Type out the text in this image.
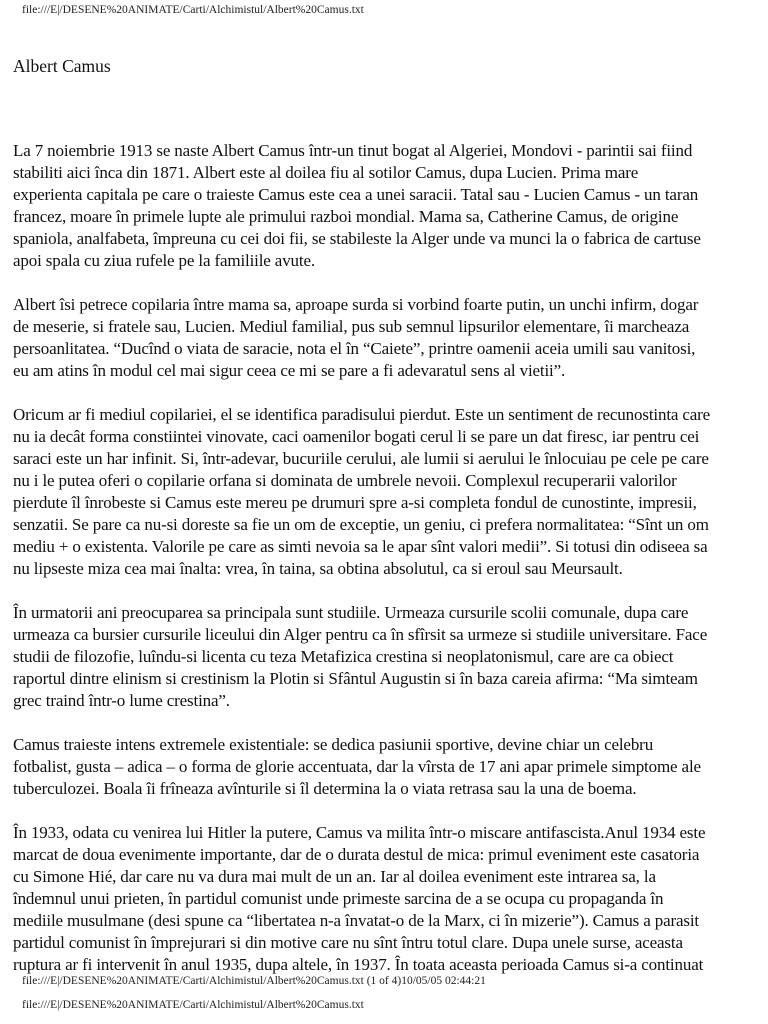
file:///E|/DESENE%20ANIMATE/Carti/Alchimistul/Albert%20Camus.txt
Albert Camus

La 7 noiembrie 1913 se naste Albert Camus într-un tinut bogat al Algeriei, Mondovi - parintii sai fiind
stabiliti aici înca din 1871. Albert este al doilea fiu al sotilor Camus, dupa Lucien. Prima mare
experienta capitala pe care o traieste Camus este cea a unei saracii. Tatal sau - Lucien Camus - un taran
francez, moare în primele lupte ale primului razboi mondial. Mama sa, Catherine Camus, de origine
spaniola, analfabeta, împreuna cu cei doi fii, se stabileste la Alger unde va munci la o fabrica de cartuse
apoi spala cu ziua rufele pe la familiile avute.

Albert îsi petrece copilaria între mama sa, aproape surda si vorbind foarte putin, un unchi infirm, dogar
de meserie, si fratele sau, Lucien. Mediul familial, pus sub semnul lipsurilor elementare, îi marcheaza
persoanlitatea. “Ducînd o viata de saracie, nota el în “Caiete”, printre oamenii aceia umili sau vanitosi,
eu am atins în modul cel mai sigur ceea ce mi se pare a fi adevaratul sens al vietii”.

Oricum ar fi mediul copilariei, el se identifica paradisului pierdut. Este un sentiment de recunostinta care
nu ia decât forma constiintei vinovate, caci oamenilor bogati cerul li se pare un dat firesc, iar pentru cei
saraci este un har infinit. Si, într-adevar, bucuriile cerului, ale lumii si aerului le înlocuiau pe cele pe care
nu i le putea oferi o copilarie orfana si dominata de umbrele nevoii. Complexul recuperarii valorilor
pierdute îl înrobeste si Camus este mereu pe drumuri spre a-si completa fondul de cunostinte, impresii,
senzatii. Se pare ca nu-si doreste sa fie un om de exceptie, un geniu, ci prefera normalitatea: “Sînt un om
mediu + o existenta. Valorile pe care as simti nevoia sa le apar sînt valori medii”. Si totusi din odiseea sa
nu lipseste miza cea mai înalta: vrea, în taina, sa obtina absolutul, ca si eroul sau Meursault.

În urmatorii ani preocuparea sa principala sunt studiile. Urmeaza cursurile scolii comunale, dupa care
urmeaza ca bursier cursurile liceului din Alger pentru ca în sfîrsit sa urmeze si studiile universitare. Face
studii de filozofie, luîndu-si licenta cu teza Metafizica crestina si neoplatonismul, care are ca obiect
raportul dintre elinism si crestinism la Plotin si Sfântul Augustin si în baza careia afirma: “Ma simteam
grec traind într-o lume crestina”.

Camus traieste intens extremele existentiale: se dedica pasiunii sportive, devine chiar un celebru
fotbalist, gusta – adica – o forma de glorie accentuata, dar la vîrsta de 17 ani apar primele simptome ale
tuberculozei. Boala îi frîneaza avînturile si îl determina la o viata retrasa sau la una de boema.

În 1933, odata cu venirea lui Hitler la putere, Camus va milita într-o miscare antifascista.Anul 1934 este
marcat de doua evenimente importante, dar de o durata destul de mica: primul eveniment este casatoria
cu Simone Hié, dar care nu va dura mai mult de un an. Iar al doilea eveniment este intrarea sa, la
îndemnul unui prieten, în partidul comunist unde primeste sarcina de a se ocupa cu propaganda în
mediile musulmane (desi spune ca “libertatea n-a învatat-o de la Marx, ci în mizerie”). Camus a parasit
partidul comunist în împrejurari si din motive care nu sînt întru totul clare. Dupa unele surse, aceasta
ruptura ar fi intervenit în anul 1935, dupa altele, în 1937. În toata aceasta perioada Camus si-a continuat

file:///E|/DESENE%20ANIMATE/Carti/Alchimistul/Albert%20Camus.txt (1 of 4)10/05/05 02:44:21
file:///E|/DESENE%20ANIMATE/Carti/Alchimistul/Albert%20Camus.txt
